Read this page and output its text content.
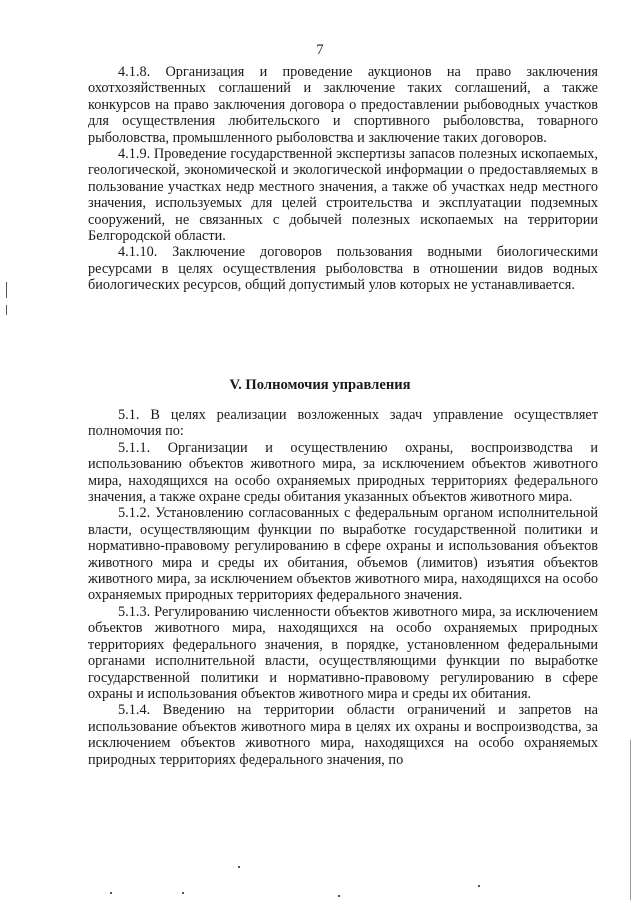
7

4.1.8. Организация и проведение аукционов на право заключения охотхозяйственных соглашений и заключение таких соглашений, а также конкурсов на право заключения договора о предоставлении рыбоводных участков для осуществления любительского и спортивного рыболовства, товарного рыболовства, промышленного рыболовства и заключение таких договоров.

4.1.9. Проведение государственной экспертизы запасов полезных ископаемых, геологической, экономической и экологической информации о предоставляемых в пользование участках недр местного значения, а также об участках недр местного значения, используемых для целей строительства и эксплуатации подземных сооружений, не связанных с добычей полезных ископаемых на территории Белгородской области.

4.1.10. Заключение договоров пользования водными биологическими ресурсами в целях осуществления рыболовства в отношении видов водных биологических ресурсов, общий допустимый улов которых не устанавливается.

V. Полномочия управления

5.1. В целях реализации возложенных задач управление осуществляет полномочия по:

5.1.1. Организации и осуществлению охраны, воспроизводства и использованию объектов животного мира, за исключением объектов животного мира, находящихся на особо охраняемых природных территориях федерального значения, а также охране среды обитания указанных объектов животного мира.

5.1.2. Установлению согласованных с федеральным органом исполнительной власти, осуществляющим функции по выработке государственной политики и нормативно-правовому регулированию в сфере охраны и использования объектов животного мира и среды их обитания, объемов (лимитов) изъятия объектов животного мира, за исключением объектов животного мира, находящихся на особо охраняемых природных территориях федерального значения.

5.1.3. Регулированию численности объектов животного мира, за исключением объектов животного мира, находящихся на особо охраняемых природных территориях федерального значения, в порядке, установленном федеральными органами исполнительной власти, осуществляющими функции по выработке государственной политики и нормативно-правовому регулированию в сфере охраны и использования объектов животного мира и среды их обитания.

5.1.4. Введению на территории области ограничений и запретов на использование объектов животного мира в целях их охраны и воспроизводства, за исключением объектов животного мира, находящихся на особо охраняемых природных территориях федерального значения, по
